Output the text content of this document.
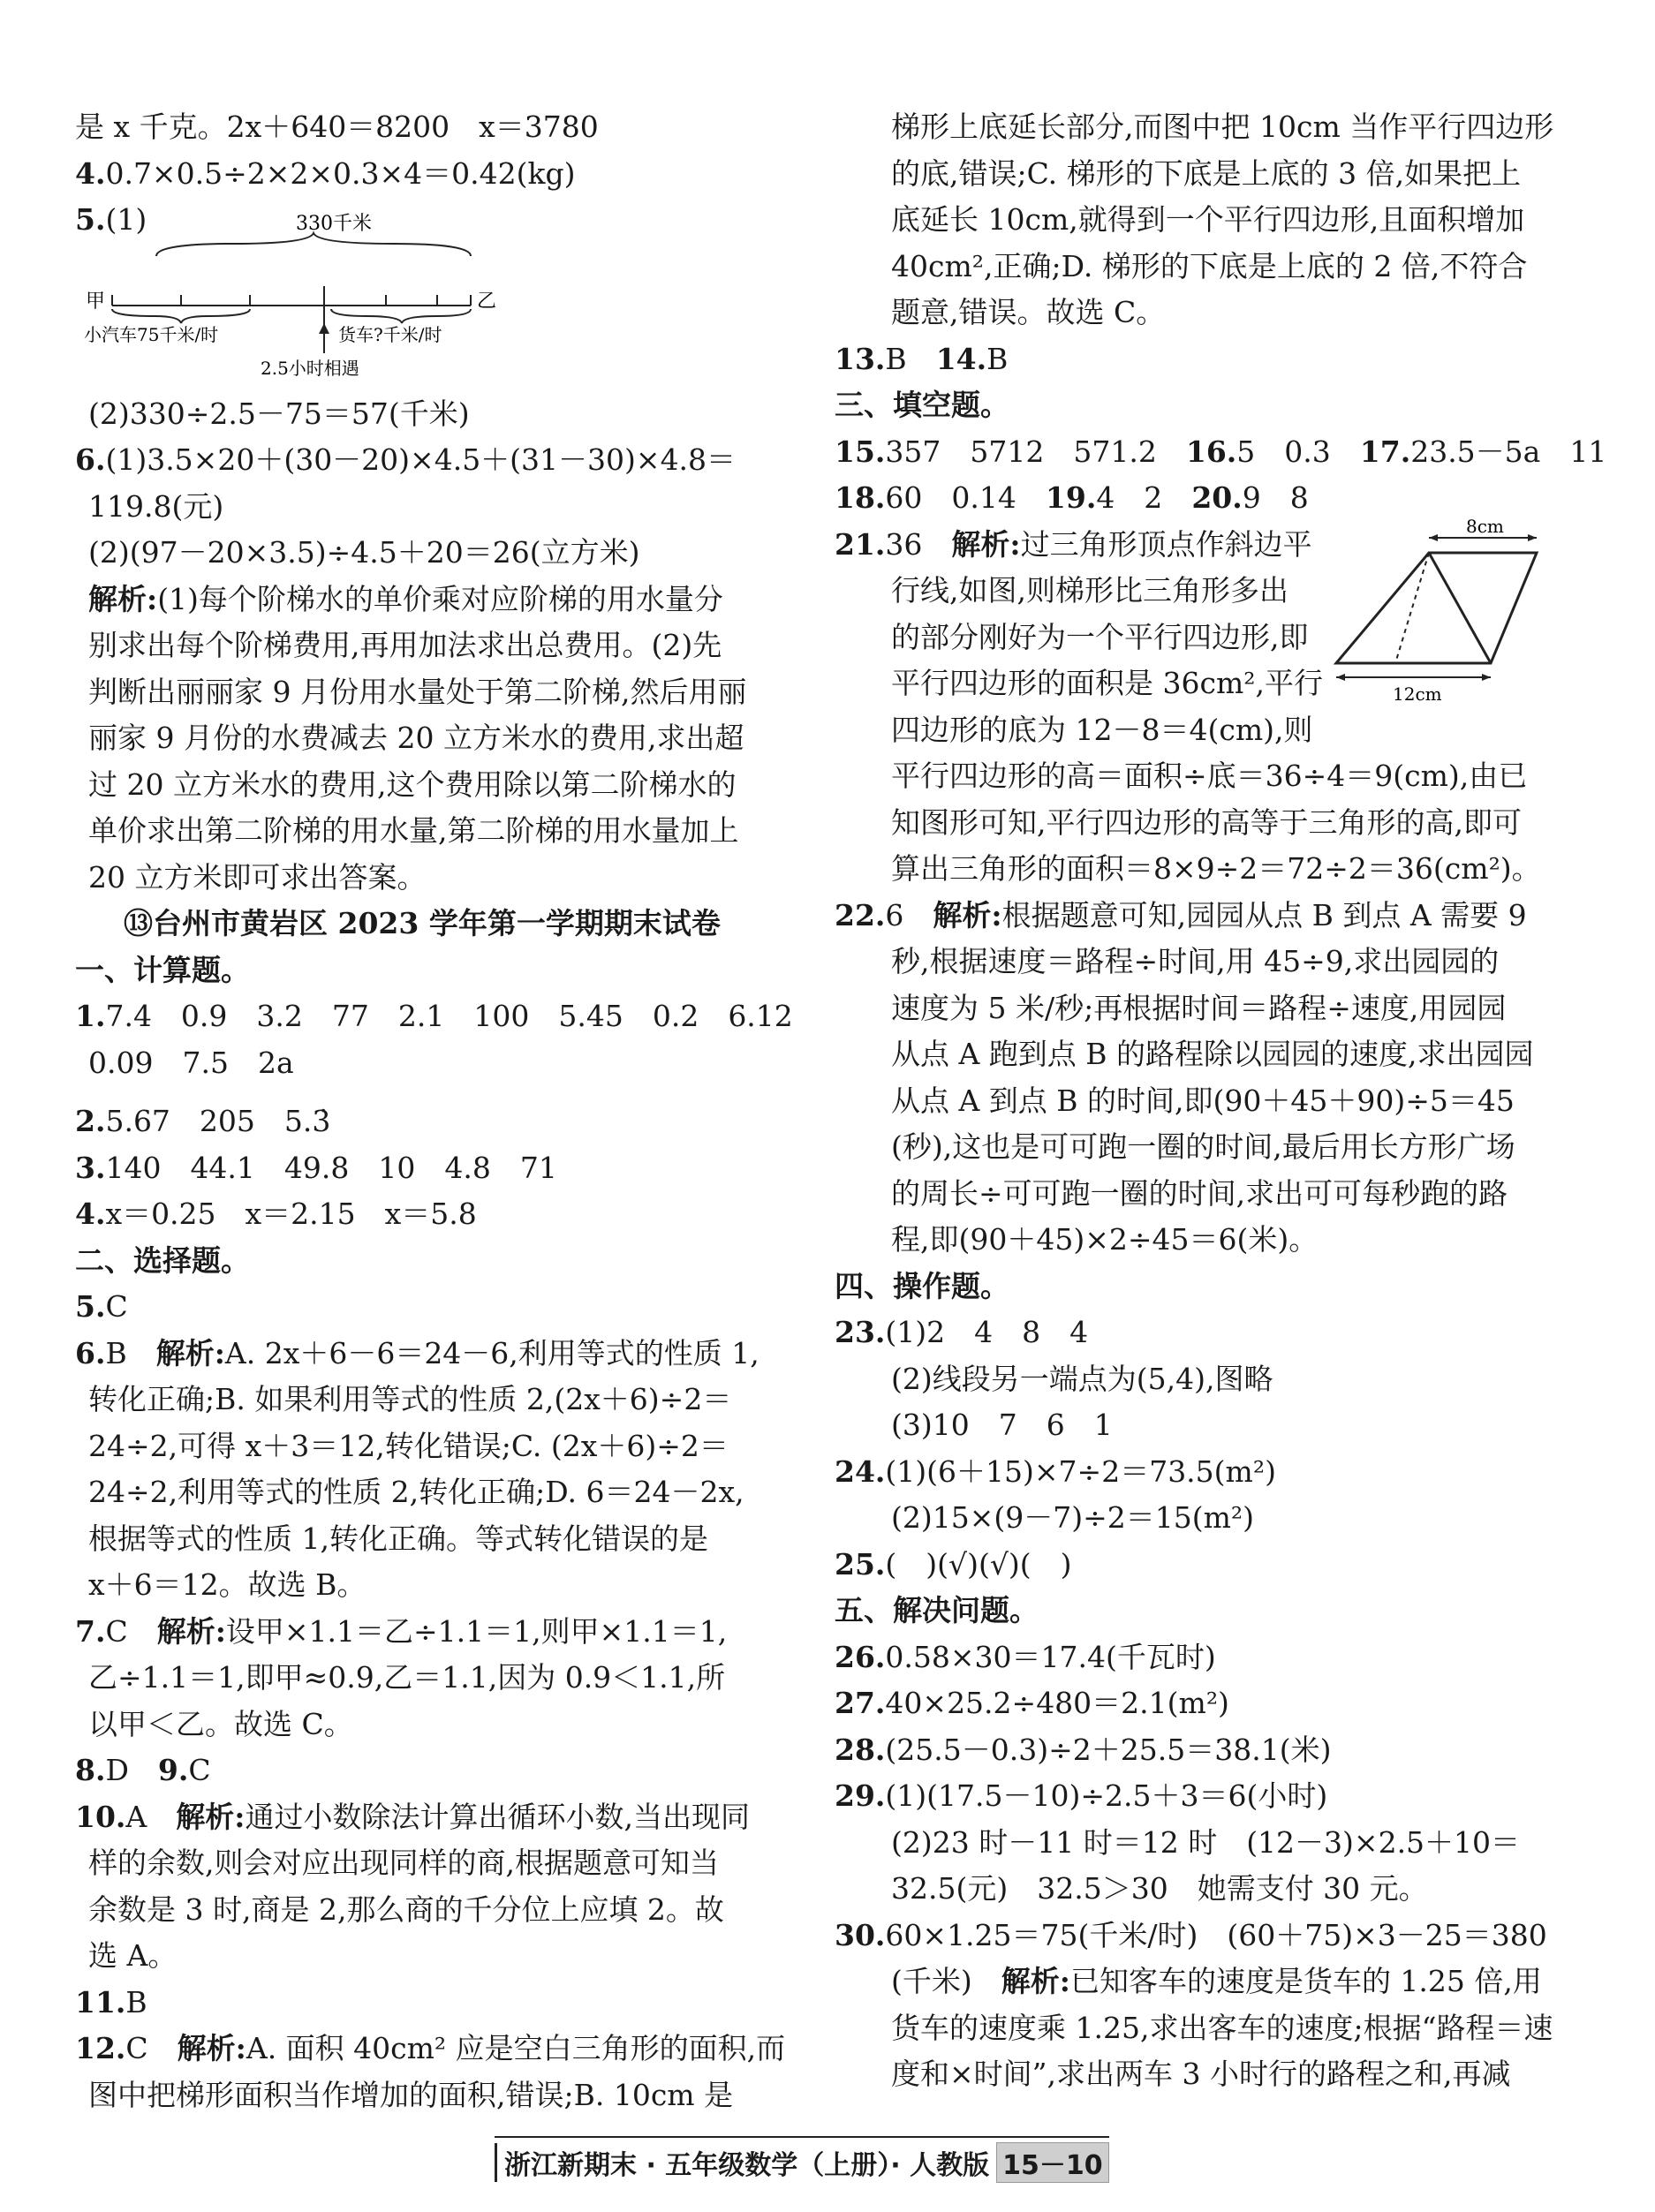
是 x 千克。2x＋640＝8200　x＝3780
4.0.7×0.5÷2×2×0.3×4＝0.42(kg)
5.(1)	330千米
甲	乙
小汽车75千米/时	货车?千米/时
2.5小时相遇
(2)330÷2.5－75＝57(千米)
6.(1)3.5×20＋(30－20)×4.5＋(31－30)×4.8＝
119.8(元)
(2)(97－20×3.5)÷4.5＋20＝26(立方米)
解析:(1)每个阶梯水的单价乘对应阶梯的用水量分
别求出每个阶梯费用,再用加法求出总费用。(2)先
判断出丽丽家 9 月份用水量处于第二阶梯,然后用丽
丽家 9 月份的水费减去 20 立方米水的费用,求出超
过 20 立方米水的费用,这个费用除以第二阶梯水的
单价求出第二阶梯的用水量,第二阶梯的用水量加上
20 立方米即可求出答案。
⑬台州市黄岩区 2023 学年第一学期期末试卷
一、计算题。
1.7.4　0.9　3.2　77　2.1　100　5.45　0.2　6.12
0.09　7.5　2a
2.5.67　205　5.3̇
3.140　44.1　49.8　10　4.8　71
4.x＝0.25　x＝2.15　x＝5.8
二、选择题。
5.C
6.B　 解析:A. 2x＋6－6＝24－6,利用等式的性质 1,
转化正确;B. 如果利用等式的性质 2,(2x＋6)÷2＝
24÷2,可得 x＋3＝12,转化错误;C. (2x＋6)÷2＝
24÷2,利用等式的性质 2,转化正确;D. 6＝24－2x,
根据等式的性质 1,转化正确。等式转化错误的是
x＋6＝12。故选 B。
7.C　 解析:设甲×1.1＝乙÷1.1＝1,则甲×1.1＝1,
乙÷1.1＝1,即甲≈0.9,乙＝1.1,因为 0.9＜1.1,所
以甲＜乙。故选 C。
8.D　 9.C
10.A　 解析:通过小数除法计算出循环小数,当出现同
样的余数,则会对应出现同样的商,根据题意可知当
余数是 3 时,商是 2,那么商的千分位上应填 2。故
选 A。
11.B
12.C　 解析:A. 面积 40cm² 应是空白三角形的面积,而
图中把梯形面积当作增加的面积,错误;B. 10cm 是
梯形上底延长部分,而图中把 10cm 当作平行四边形
的底,错误;C. 梯形的下底是上底的 3 倍,如果把上
底延长 10cm,就得到一个平行四边形,且面积增加
40cm²,正确;D. 梯形的下底是上底的 2 倍,不符合
题意,错误。故选 C。
13.B　 14.B
三、填空题。
15.357　5712　571.2　 16.5　0.3　 17.23.5－5a　11
18.60　0.14　 19.4　2　 20.9　8
21.36　 解析:过三角形顶点作斜边平
行线,如图,则梯形比三角形多出
的部分刚好为一个平行四边形,即
平行四边形的面积是 36cm²,平行
四边形的底为 12－8＝4(cm),则
8cm
12cm
平行四边形的高＝面积÷底＝36÷4＝9(cm),由已
知图形可知,平行四边形的高等于三角形的高,即可
算出三角形的面积＝8×9÷2＝72÷2＝36(cm²)。
22.6　 解析:根据题意可知,园园从点 B 到点 A 需要 9
秒,根据速度＝路程÷时间,用 45÷9,求出园园的
速度为 5 米/秒;再根据时间＝路程÷速度,用园园
从点 A 跑到点 B 的路程除以园园的速度,求出园园
从点 A 到点 B 的时间,即(90＋45＋90)÷5＝45
(秒),这也是可可跑一圈的时间,最后用长方形广场
的周长÷可可跑一圈的时间,求出可可每秒跑的路
程,即(90＋45)×2÷45＝6(米)。
四、操作题。
23.(1)2　4　8　4
(2)线段另一端点为(5,4),图略
(3)10　7　6　1
24.(1)(6＋15)×7÷2＝73.5(m²)
(2)15×(9－7)÷2＝15(m²)
25.(　)(√)(√)(　)
五、解决问题。
26.0.58×30＝17.4(千瓦时)
27.40×25.2÷480＝2.1(m²)
28.(25.5－0.3)÷2＋25.5＝38.1(米)
29.(1)(17.5－10)÷2.5＋3＝6(小时)
(2)23 时－11 时＝12 时　(12－3)×2.5＋10＝
32.5(元)　32.5＞30　她需支付 30 元。
30.60×1.25＝75(千米/时)　(60＋75)×3－25＝380
(千米)　 解析:已知客车的速度是货车的 1.25 倍,用
货车的速度乘 1.25,求出客车的速度;根据“路程＝速
度和×时间”,求出两车 3 小时行的路程之和,再减
浙江新期末 · 五年级数学（上册）· 人教版 15－10
